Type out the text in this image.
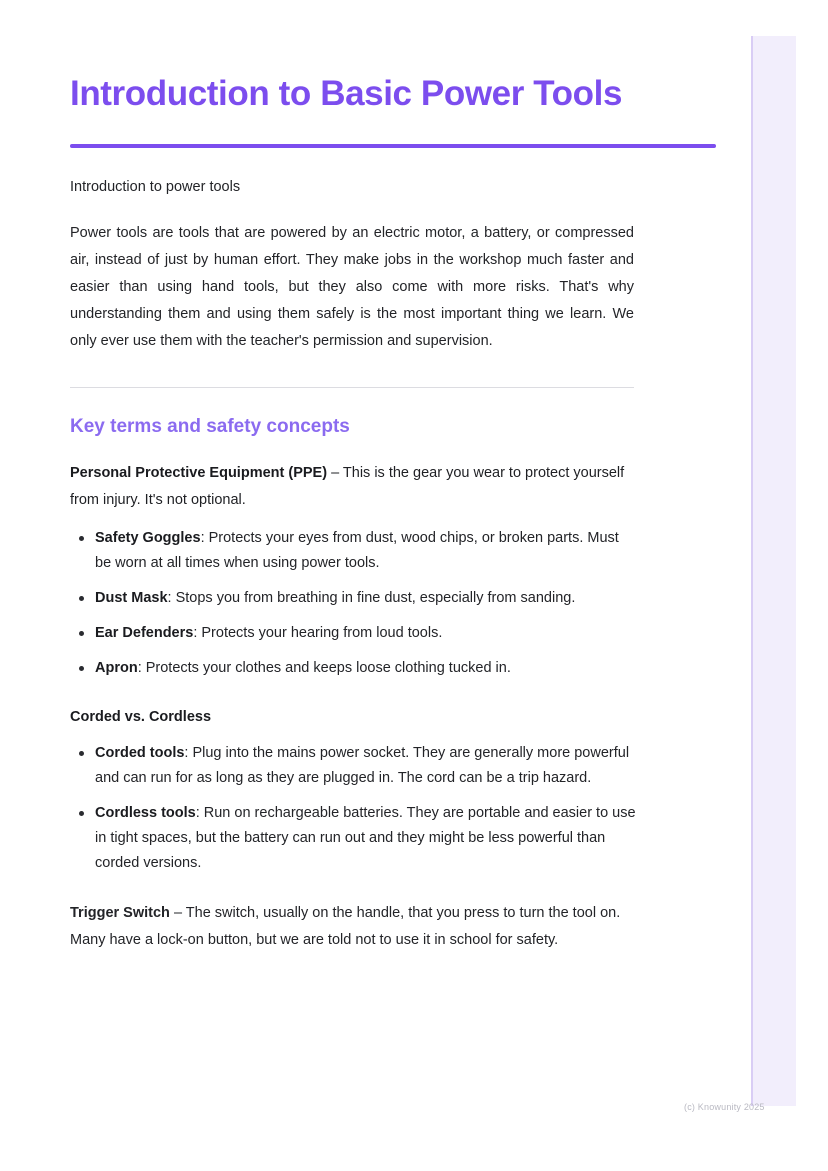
Introduction to Basic Power Tools

Introduction to power tools

Power tools are tools that are powered by an electric motor, a battery, or compressed air, instead of just by human effort. They make jobs in the workshop much faster and easier than using hand tools, but they also come with more risks. That's why understanding them and using them safely is the most important thing we learn. We only ever use them with the teacher's permission and supervision.

Key terms and safety concepts

Personal Protective Equipment (PPE) – This is the gear you wear to protect yourself from injury. It's not optional.

Safety Goggles: Protects your eyes from dust, wood chips, or broken parts. Must be worn at all times when using power tools.
Dust Mask: Stops you from breathing in fine dust, especially from sanding.
Ear Defenders: Protects your hearing from loud tools.
Apron: Protects your clothes and keeps loose clothing tucked in.

Corded vs. Cordless

Corded tools: Plug into the mains power socket. They are generally more powerful and can run for as long as they are plugged in. The cord can be a trip hazard.
Cordless tools: Run on rechargeable batteries. They are portable and easier to use in tight spaces, but the battery can run out and they might be less powerful than corded versions.

Trigger Switch – The switch, usually on the handle, that you press to turn the tool on. Many have a lock-on button, but we are told not to use it in school for safety.

(c) Knowunity 2025
